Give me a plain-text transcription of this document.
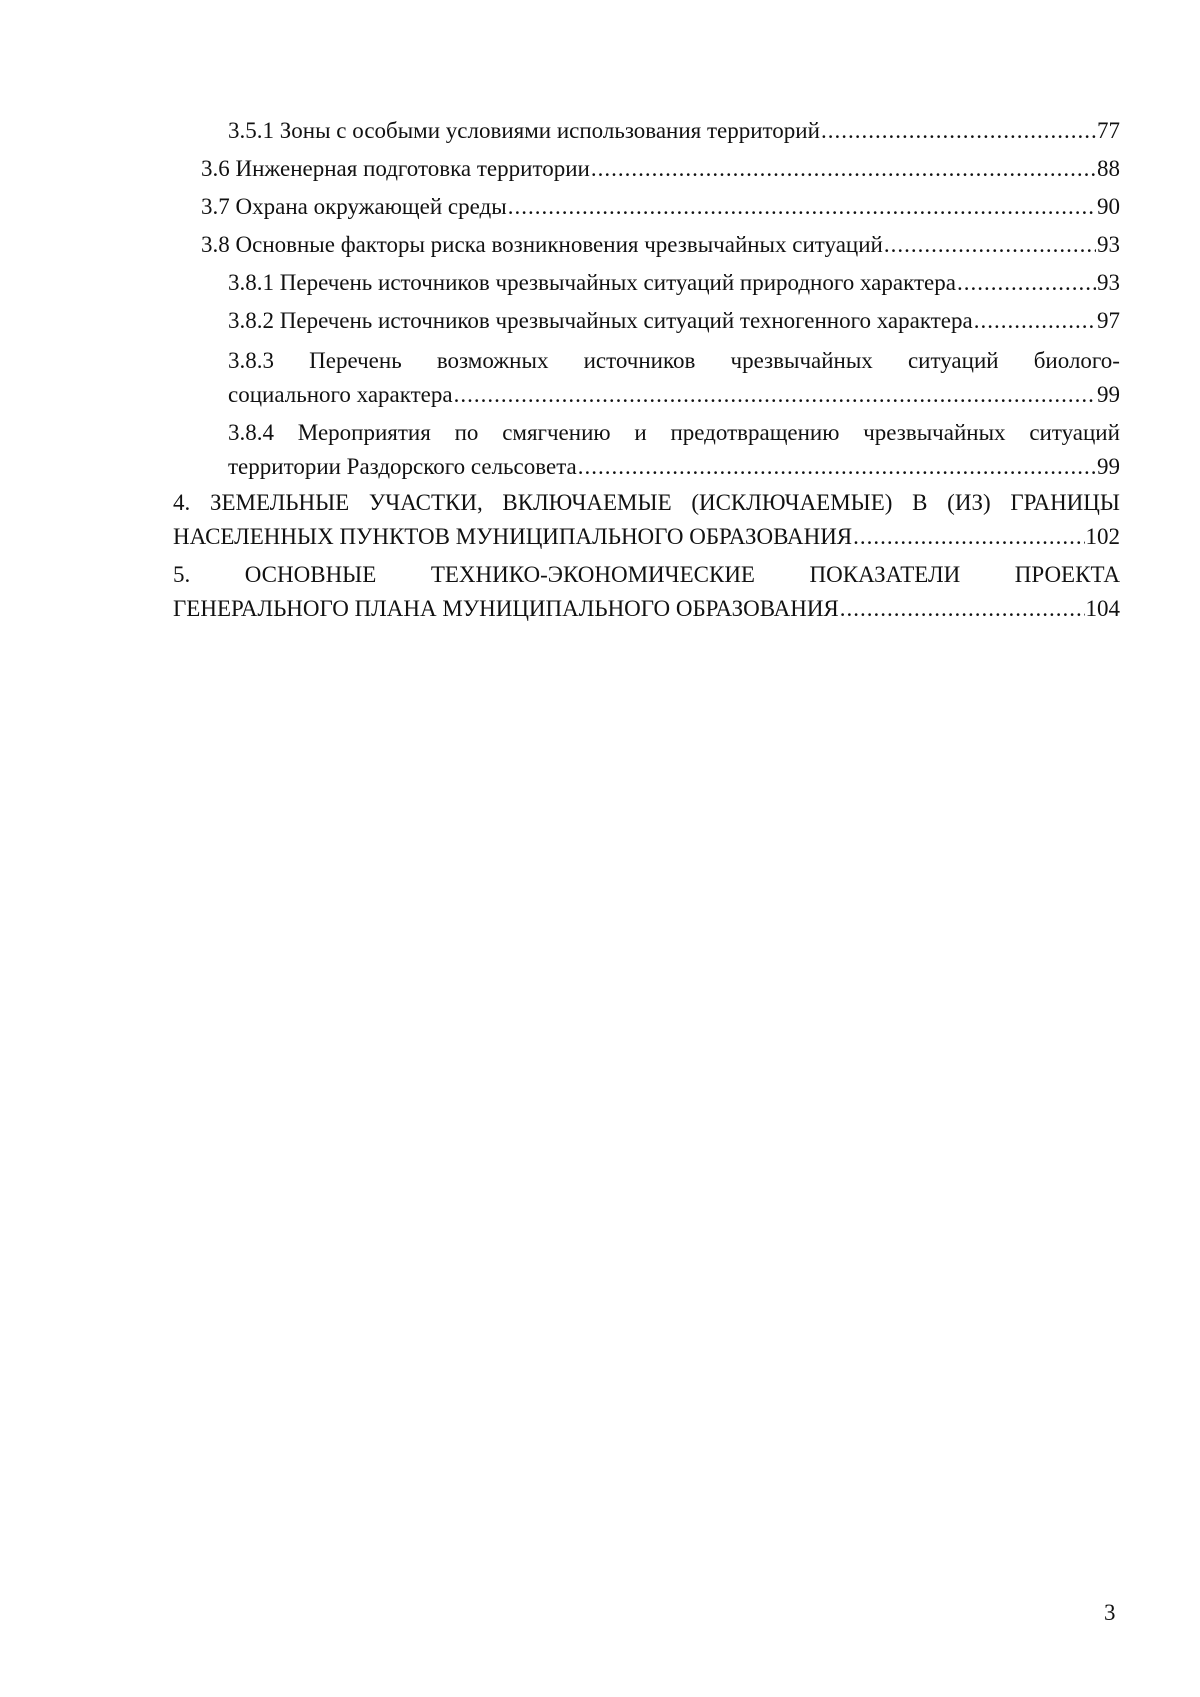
3.5.1 Зоны с особыми условиями использования территорий .....	77
3.6 Инженерная подготовка территории .....	88
3.7 Охрана окружающей среды .....	90
3.8 Основные факторы риска возникновения чрезвычайных ситуаций .....	93
3.8.1 Перечень источников чрезвычайных ситуаций природного характера .....	93
3.8.2 Перечень источников чрезвычайных ситуаций техногенного характера .....	97
3.8.3 Перечень возможных источников чрезвычайных ситуаций биолого-
социального характера .....	99
3.8.4 Мероприятия по смягчению и предотвращению чрезвычайных ситуаций
территории Раздорского сельсовета .....	99
4. ЗЕМЕЛЬНЫЕ УЧАСТКИ, ВКЛЮЧАЕМЫЕ (ИСКЛЮЧАЕМЫЕ) В (ИЗ) ГРАНИЦЫ
НАСЕЛЕННЫХ ПУНКТОВ МУНИЦИПАЛЬНОГО ОБРАЗОВАНИЯ .....	102
5. ОСНОВНЫЕ ТЕХНИКО-ЭКОНОМИЧЕСКИЕ ПОКАЗАТЕЛИ ПРОЕКТА
ГЕНЕРАЛЬНОГО ПЛАНА МУНИЦИПАЛЬНОГО ОБРАЗОВАНИЯ .....	104
3
